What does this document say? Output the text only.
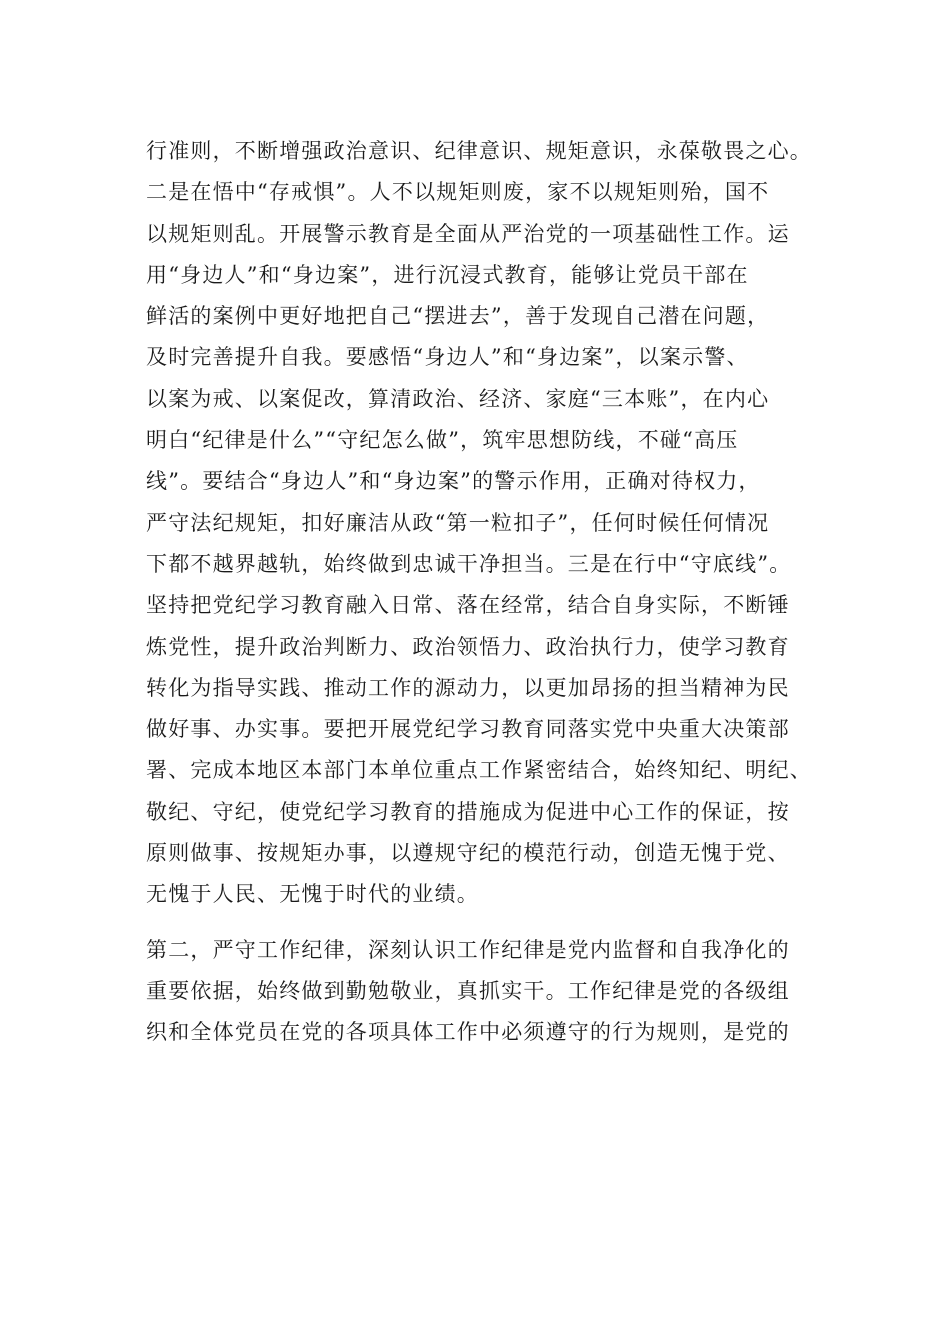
行准则，不断增强政治意识、纪律意识、规矩意识，永葆敬畏之心。
二是在悟中“存戒惧”。人不以规矩则废，家不以规矩则殆，国不
以规矩则乱。开展警示教育是全面从严治党的一项基础性工作。运
用“身边人”和“身边案”，进行沉浸式教育，能够让党员干部在
鲜活的案例中更好地把自己“摆进去”，善于发现自己潜在问题，
及时完善提升自我。要感悟“身边人”和“身边案”，以案示警、
以案为戒、以案促改，算清政治、经济、家庭“三本账”，在内心
明白“纪律是什么”“守纪怎么做”，筑牢思想防线，不碰“高压
线”。要结合“身边人”和“身边案”的警示作用，正确对待权力，
严守法纪规矩，扣好廉洁从政“第一粒扣子”，任何时候任何情况
下都不越界越轨，始终做到忠诚干净担当。三是在行中“守底线”。
坚持把党纪学习教育融入日常、落在经常，结合自身实际，不断锤
炼党性，提升政治判断力、政治领悟力、政治执行力，使学习教育
转化为指导实践、推动工作的源动力，以更加昂扬的担当精神为民
做好事、办实事。要把开展党纪学习教育同落实党中央重大决策部
署、完成本地区本部门本单位重点工作紧密结合，始终知纪、明纪、
敬纪、守纪，使党纪学习教育的措施成为促进中心工作的保证，按
原则做事、按规矩办事，以遵规守纪的模范行动，创造无愧于党、
无愧于人民、无愧于时代的业绩。
第二，严守工作纪律，深刻认识工作纪律是党内监督和自我净化的
重要依据，始终做到勤勉敬业，真抓实干。工作纪律是党的各级组
织和全体党员在党的各项具体工作中必须遵守的行为规则，是党的
